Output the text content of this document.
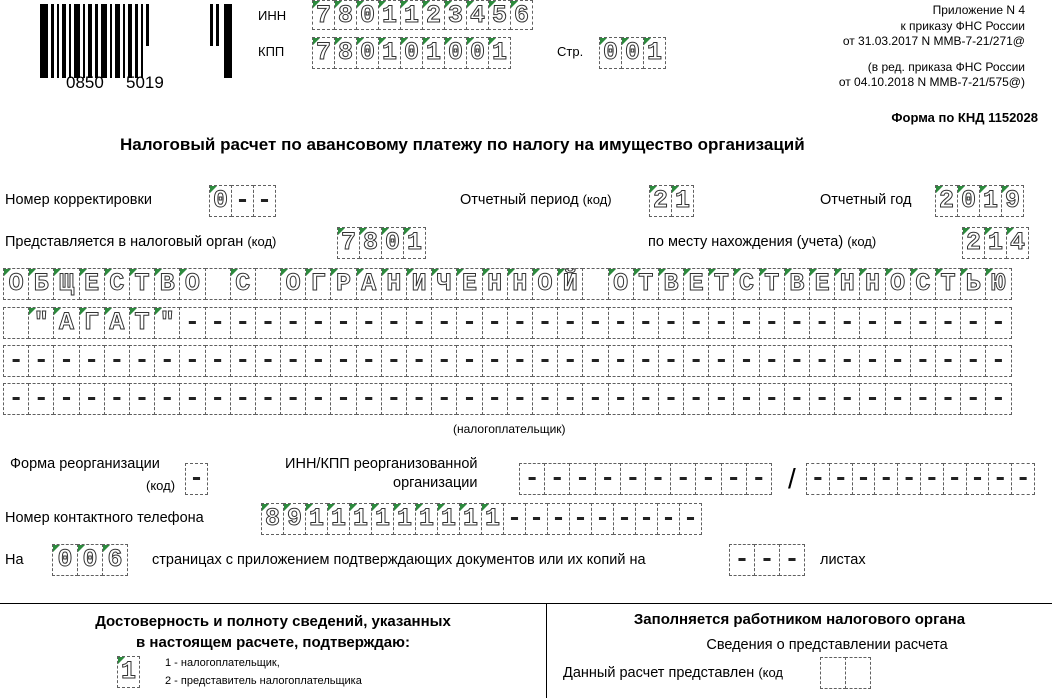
0850 5019
ИНН 7 8 0 1 1 2 3 4 5 6
КПП 7 8 0 1 0 1 0 0 1	Стр. 0 0 1
Приложение N 4
к приказу ФНС России
от 31.03.2017 N ММВ-7-21/271@
(в ред. приказа ФНС России
от 04.10.2018 N ММВ-7-21/575@)
Форма по КНД 1152028
Налоговый расчет по авансовому платежу по налогу на имущество организаций
Номер корректировки 0 - -	Отчетный период (код) 2 1	Отчетный год 2 0 1 9
Представляется в налоговый орган (код)	7 8 0 1	по месту нахождения (учета) (код)	2 1 4
О Б Щ Е С Т В О С О Г Р А Н И Ч Е Н Н О Й О Т В Е Т С Т В Е Н Н О С Т Ь Ю
" А Г А Т " - - - - - - - - - - - - - - - - - - - - - - - - - - - - - - - - -
- - - - - - - - - - - - - - - - - - - - - - - - - - - - - - - - - - - - - - - -
- - - - - - - - - - - - - - - - - - - - - - - - - - - - - - - - - - - - - - - -
(налогоплательщик)
Форма реорганизации
(код) -	ИНН/КПП реорганизованной
организации - - - - - - - - - - / - - - - - - - - - -
Номер контактного телефона 8 9 1 1 1 1 1 1 1 1 1 - - - - - - - - -
На 0 0 6	страницах с приложением подтверждающих документов или их копий на	- - -	листах
Достоверность и полноту сведений, указанных
в настоящем расчете, подтверждаю:
1	1 - налогоплательщик,
2 - представитель налогоплательщика
Заполняется работником налогового органа
Сведения о представлении расчета
Данный расчет представлен (код
